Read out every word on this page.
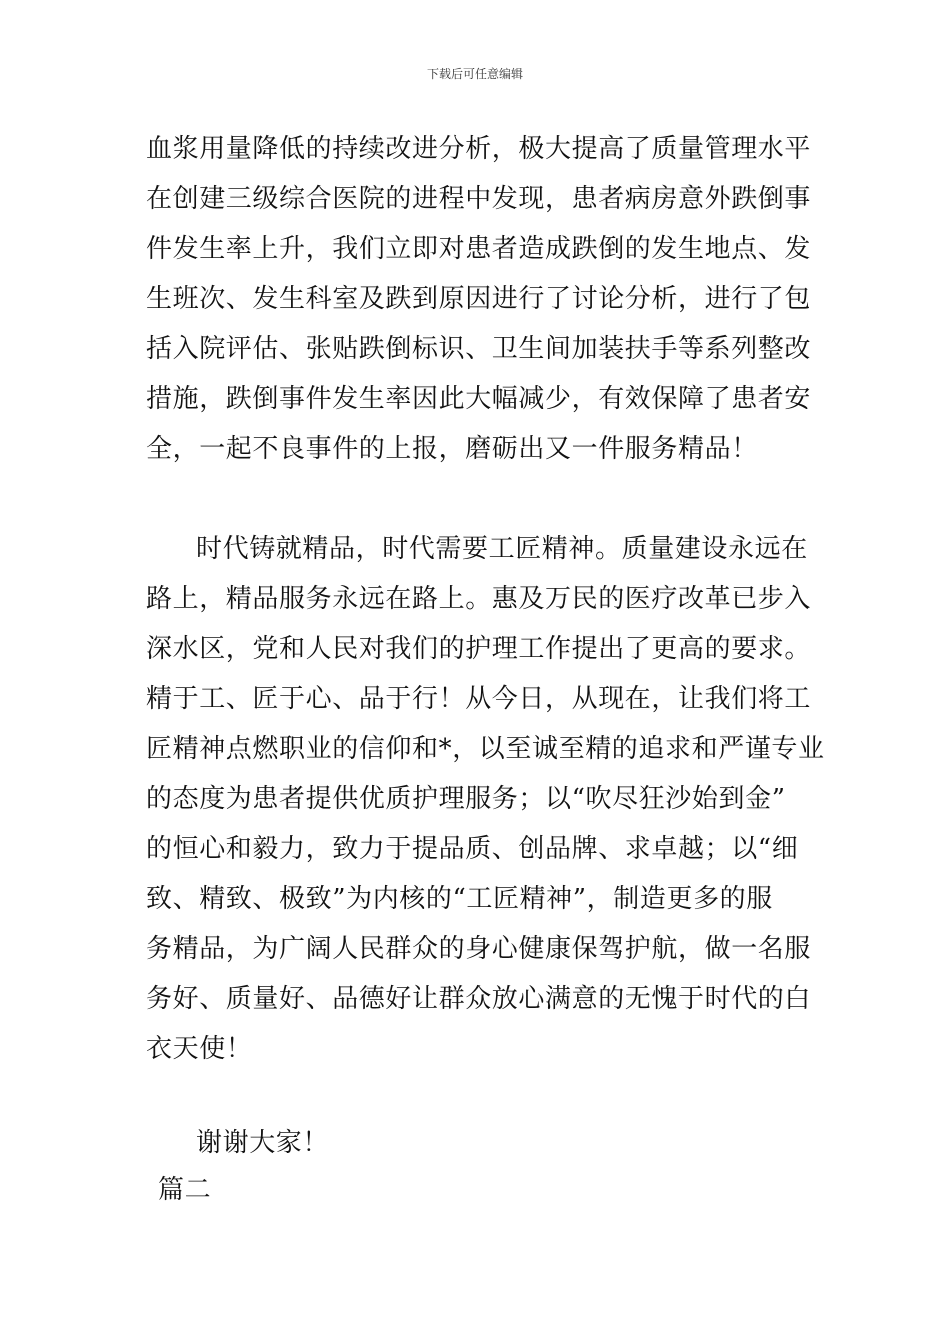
下载后可任意编辑
血浆用量降低的持续改进分析，极大提高了质量管理水平
在创建三级综合医院的进程中发现，患者病房意外跌倒事
件发生率上升，我们立即对患者造成跌倒的发生地点、发
生班次、发生科室及跌到原因进行了讨论分析，进行了包
括入院评估、张贴跌倒标识、卫生间加装扶手等系列整改
措施，跌倒事件发生率因此大幅减少，有效保障了患者安
全，一起不良事件的上报，磨砺出又一件服务精品！
时代铸就精品，时代需要工匠精神。质量建设永远在
路上，精品服务永远在路上。惠及万民的医疗改革已步入
深水区，党和人民对我们的护理工作提出了更高的要求。
精于工、匠于心、品于行！从今日，从现在，让我们将工
匠精神点燃职业的信仰和*，以至诚至精的追求和严谨专业
的态度为患者提供优质护理服务；以“吹尽狂沙始到金”
的恒心和毅力，致力于提品质、创品牌、求卓越；以“细
致、精致、极致”为内核的“工匠精神”，制造更多的服
务精品，为广阔人民群众的身心健康保驾护航，做一名服
务好、质量好、品德好让群众放心满意的无愧于时代的白
衣天使！
谢谢大家！
篇二
